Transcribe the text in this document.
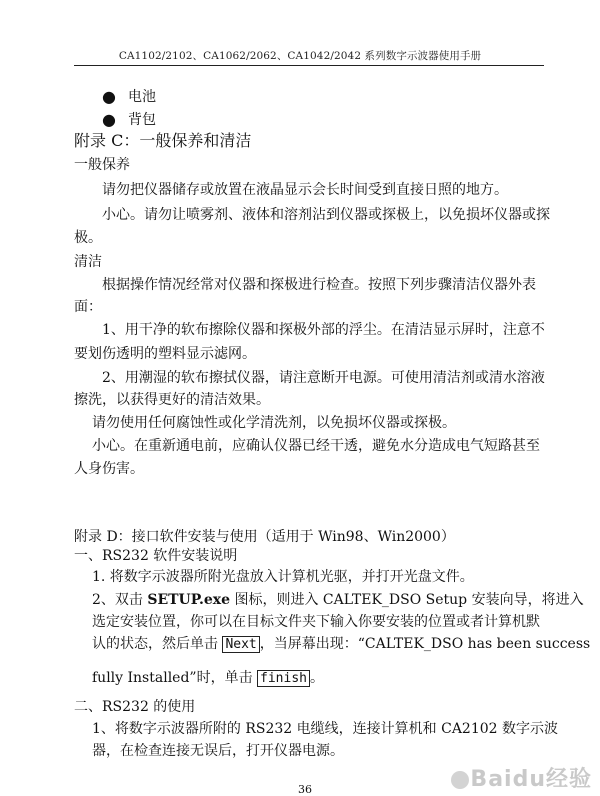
CA1102/2102、CA1062/2062、CA1042/2042 系列数字示波器使用手册
● 电池
● 背包
附录 C：一般保养和清洁
一般保养
请勿把仪器储存或放置在液晶显示会长时间受到直接日照的地方。
小心。请勿让喷雾剂、液体和溶剂沾到仪器或探极上，以免损坏仪器或探
极。
清洁
根据操作情况经常对仪器和探极进行检查。按照下列步骤清洁仪器外表
面：
1、用干净的软布擦除仪器和探极外部的浮尘。在清洁显示屏时，注意不
要划伤透明的塑料显示滤网。
2、用潮湿的软布擦拭仪器，请注意断开电源。可使用清洁剂或清水溶液
擦洗，以获得更好的清洁效果。
请勿使用任何腐蚀性或化学清洗剂，以免损坏仪器或探极。
小心。在重新通电前，应确认仪器已经干透，避免水分造成电气短路甚至
人身伤害。
附录 D：接口软件安装与使用（适用于 Win98、Win2000）
一、RS232 软件安装说明
1. 将数字示波器所附光盘放入计算机光驱，并打开光盘文件。
2、双击 SETUP.exe 图标，则进入 CALTEK_DSO Setup 安装向导，将进入
选定安装位置，你可以在目标文件夹下输入你要安装的位置或者计算机默
认的状态，然后单击 Next ，当屏幕出现：“CALTEK_DSO has been success
fully Installed”时，单击 finish 。
二、RS232 的使用
1、将数字示波器所附的 RS232 电缆线，连接计算机和 CA2102 数字示波
器，在检查连接无误后，打开仪器电源。
36	Baidu经验
